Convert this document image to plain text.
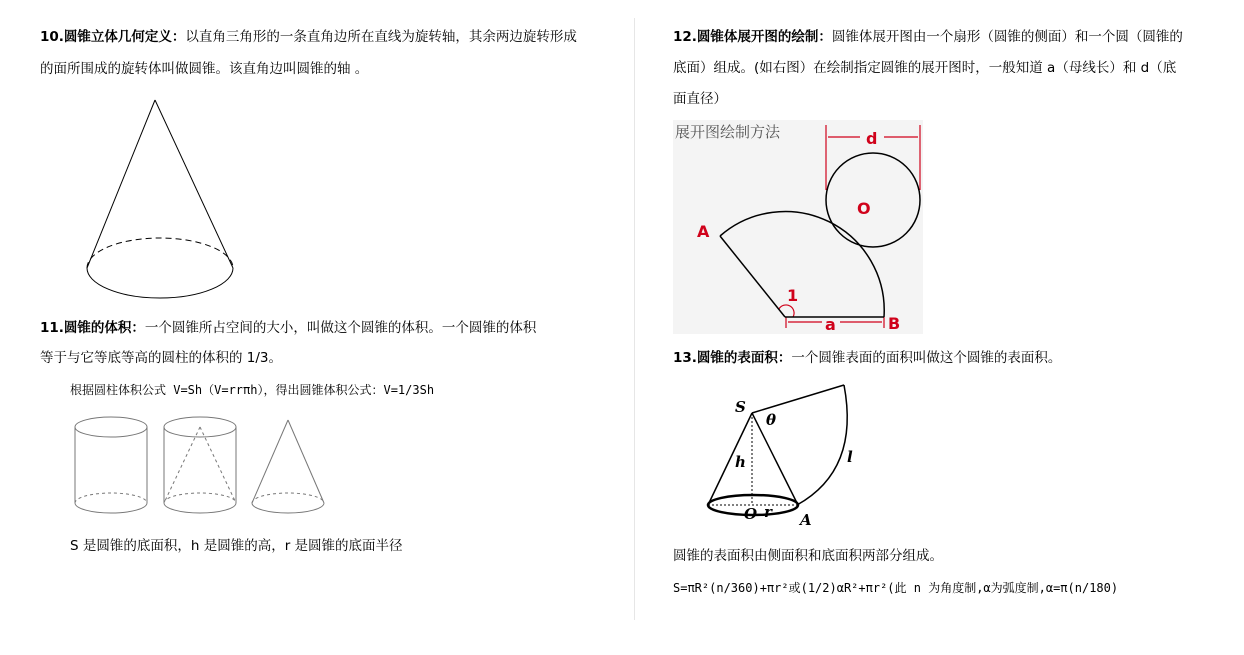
10.圆锥立体几何定义：以直角三角形的一条直角边所在直线为旋转轴，其余两边旋转形成
的面所围成的旋转体叫做圆锥。该直角边叫圆锥的轴 。
11.圆锥的体积：一个圆锥所占空间的大小，叫做这个圆锥的体积。一个圆锥的体积
等于与它等底等高的圆柱的体积的 1/3。
根据圆柱体积公式 V=Sh（V=rrπh），得出圆锥体积公式：V=1/3Sh
S 是圆锥的底面积，h 是圆锥的高，r 是圆锥的底面半径
12.圆锥体展开图的绘制：圆锥体展开图由一个扇形（圆锥的侧面）和一个圆（圆锥的
底面）组成。(如右图）在绘制指定圆锥的展开图时，一般知道 a（母线长）和 d（底
面直径）
展开图绘制方法	d
O
A
B
1
a
13.圆锥的表面积：一个圆锥表面的面积叫做这个圆锥的表面积。
S
θ
h	l
O r A
圆锥的表面积由侧面积和底面积两部分组成。
S=πR²(n/360)+πr²或(1/2)αR²+πr²(此 n 为角度制,α为弧度制,α=π(n/180)
